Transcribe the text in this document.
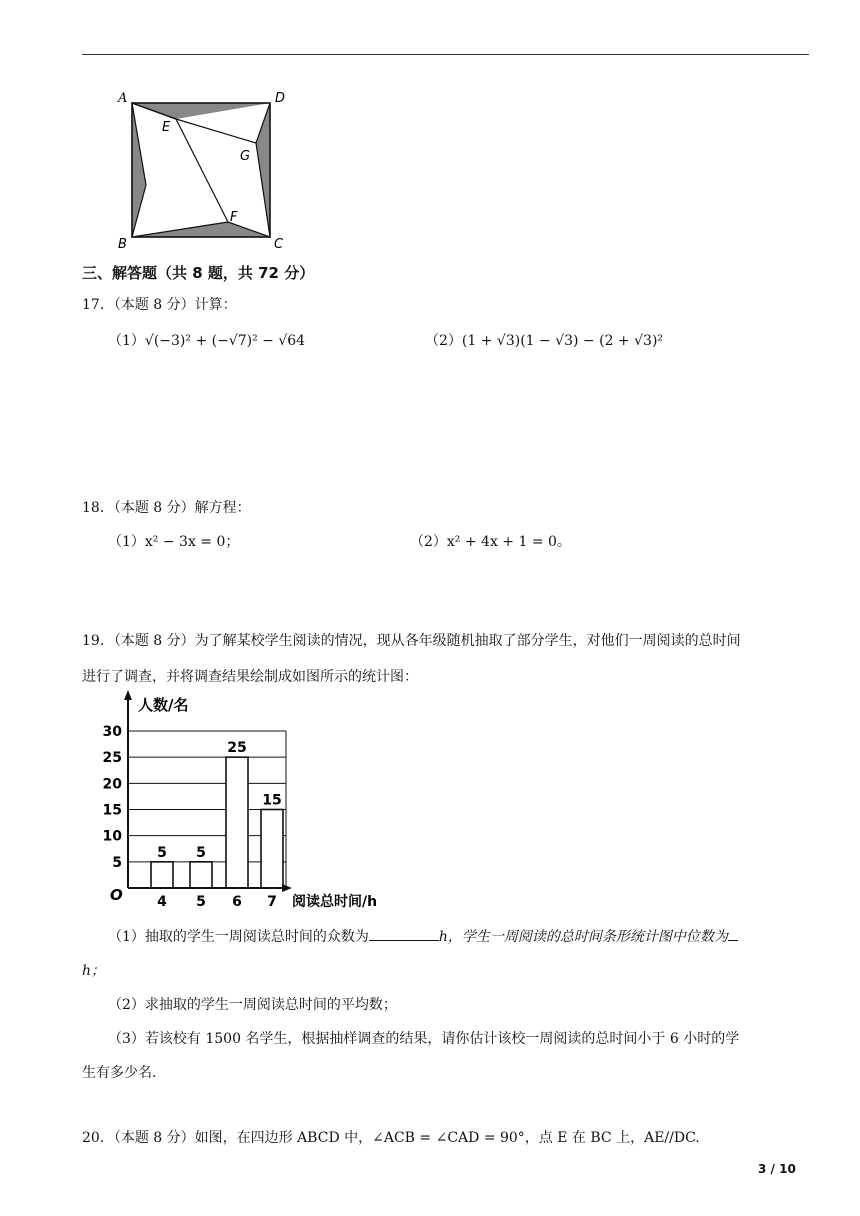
A	D
E
G
F
B	C
三、解答题（共 8 题，共 72 分）
17．（本题 8 分）计算：
（1）√(−3)² + (−√7)² − √64	（2）(1 + √3)(1 − √3) − (2 + √3)²
18．（本题 8 分）解方程：
（1）x² − 3x = 0；	（2）x² + 4x + 1 = 0。
19．（本题 8 分）为了解某校学生阅读的情况，现从各年级随机抽取了部分学生，对他们一周阅读的总时间
进行了调查，并将调查结果绘制成如图所示的统计图：
5
10
15
20
25
30
5
4
5
5
25
6
15
7
人数/名
阅读总时间/h
O
（1）抽取的学生一周阅读总时间的众数为	h，学生一周阅读的总时间条形统计图中位数为
h；
（2）求抽取的学生一周阅读总时间的平均数；
（3）若该校有 1500 名学生，根据抽样调查的结果，请你估计该校一周阅读的总时间小于 6 小时的学
生有多少名.
20．（本题 8 分）如图，在四边形 ABCD 中，∠ACB = ∠CAD = 90°，点 E 在 BC 上，AE//DC.
3 / 10
